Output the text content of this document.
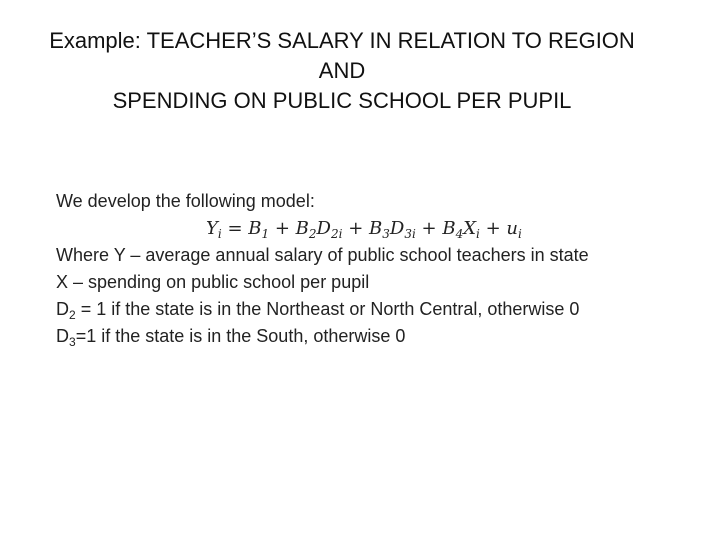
Example: TEACHER’S SALARY IN RELATION TO REGION
AND
SPENDING ON PUBLIC SCHOOL PER PUPIL
We develop the following model:
$Y_i = B_1 + B_2D_{2i} + B_3D_{3i} + B_4X_i + u_i$
Where Y – average annual salary of public school teachers in state
X – spending on public school per pupil
$D_2 = 1$ if the state is in the Northeast or North Central, otherwise 0
$D_3=1$ if the state is in the South, otherwise 0
